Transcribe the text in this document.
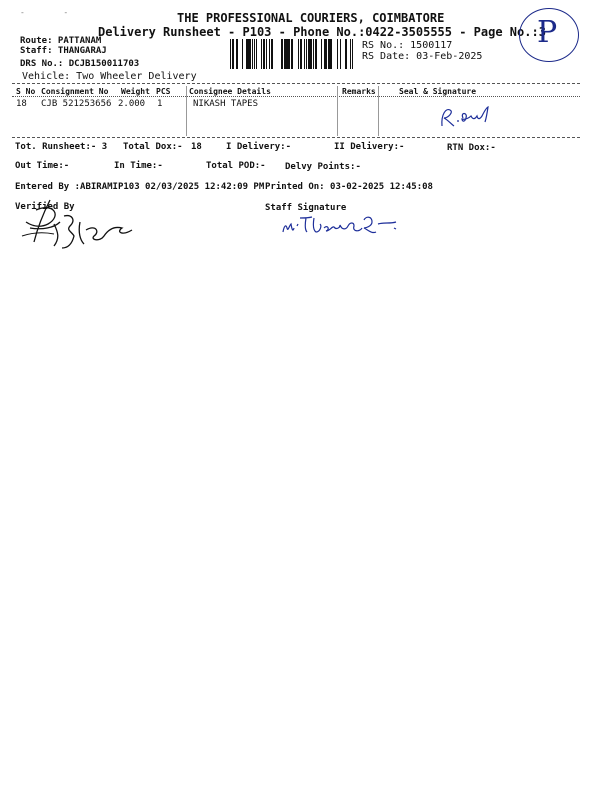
-        -	THE PROFESSIONAL COURIERS, COIMBATORE
Delivery Runsheet - P103 - Phone No.:0422-3505555 - Page No.:3
P
Route: PATTANAM
Staff: THANGARAJ
DRS No.: DCJB150011703
Vehicle: Two Wheeler Delivery
RS No.: 1500117
RS Date: 03-Feb-2025
S No Consignment No Weight PCS Consignee Details	Remarks	Seal & Signature
18 CJB 521253656 2.000 1	NIKASH TAPES
Tot. Runsheet:- 3 Total Dox:- 18	I Delivery:-	II Delivery:-	RTN Dox:-
Out Time:-	In Time:-	Total POD:- Delvy Points:-
Entered By :ABIRAMIP103 02/03/2025 12:42:09 PM Printed On: 03-02-2025 12:45:08
Verified By	Staff Signature
